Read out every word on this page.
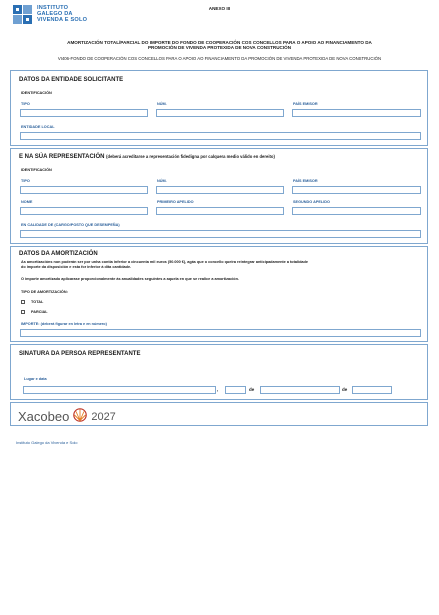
INSTITUTO
GALEGO DA
VIVENDA E SOLO
ANEXO III
AMORTIZACIÓN TOTAL/PARCIAL DO IMPORTE DO FONDO DE COOPERACIÓN COS CONCELLOS PARA O APOIO AO FINANCIAMENTO DA
PROMOCIÓN DE VIVENDA PROTEXIDA DE NOVA CONSTRUCIÓN
VI406-FONDO DE COOPERACIÓN COS CONCELLOS PARA O APOIO AO FINANCIAMENTO DA PROMOCIÓN DE VIVENDA PROTEXIDA DE NOVA CONSTRUCIÓN
DATOS DA ENTIDADE SOLICITANTE
IDENTIFICACIÓN
TIPO	NÚM.	PAÍS EMISOR
ENTIDADE LOCAL
E NA SÚA REPRESENTACIÓN (deberá acreditarse a representación fidedigna por calquera medio válido en dereito)
IDENTIFICACIÓN
TIPO	NÚM.	PAÍS EMISOR
NOME	PRIMEIRO APELIDO	SEGUNDO APELIDO
EN CALIDADE DE (CARGO/POSTO QUE DESEMPEÑA)
DATOS DA AMORTIZACIÓN
As amortizacións non poderán ser por unha contía inferior a cincuenta mil euros (50.000 €), agás que o concello queira reintegrar anticipadamente a totalidade
do importe da disposición e esta for inferior á dita cantidade.
O importe amortizado aplicarase proporcionalmente ás anualidades seguintes a aquela en que se realice a amortización.
TIPO DE AMORTIZACIÓN:
TOTAL
PARCIAL
IMPORTE: (deberá figurar en letra e en número)
SINATURA DA PERSOA REPRESENTANTE
Lugar e data
,	de	de
Xacobeo 2027
Instituto Galego da Vivenda e Solo
